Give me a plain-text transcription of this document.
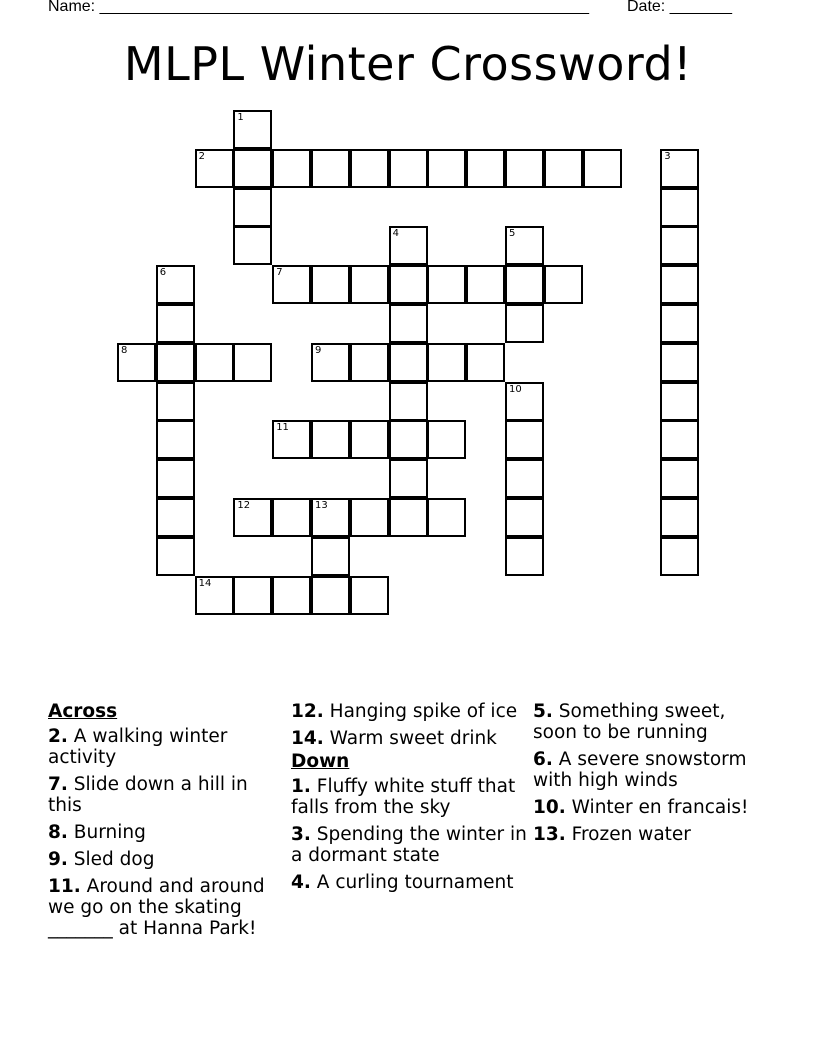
Name: _______________________________________________________ Date: _______
MLPL Winter Crossword!
1
2	3
4	5
6	7
8	9
10
11
12	13
14
Across
2. A walking winter activity
7. Slide down a hill in this
8. Burning
9. Sled dog
11. Around and around we go on the skating _______ at Hanna Park!
12. Hanging spike of ice
14. Warm sweet drink
Down
1. Fluffy white stuff that falls from the sky
3. Spending the winter in a dormant state
4. A curling tournament
5. Something sweet, soon to be running
6. A severe snowstorm with high winds
10. Winter en francais!
13. Frozen water
